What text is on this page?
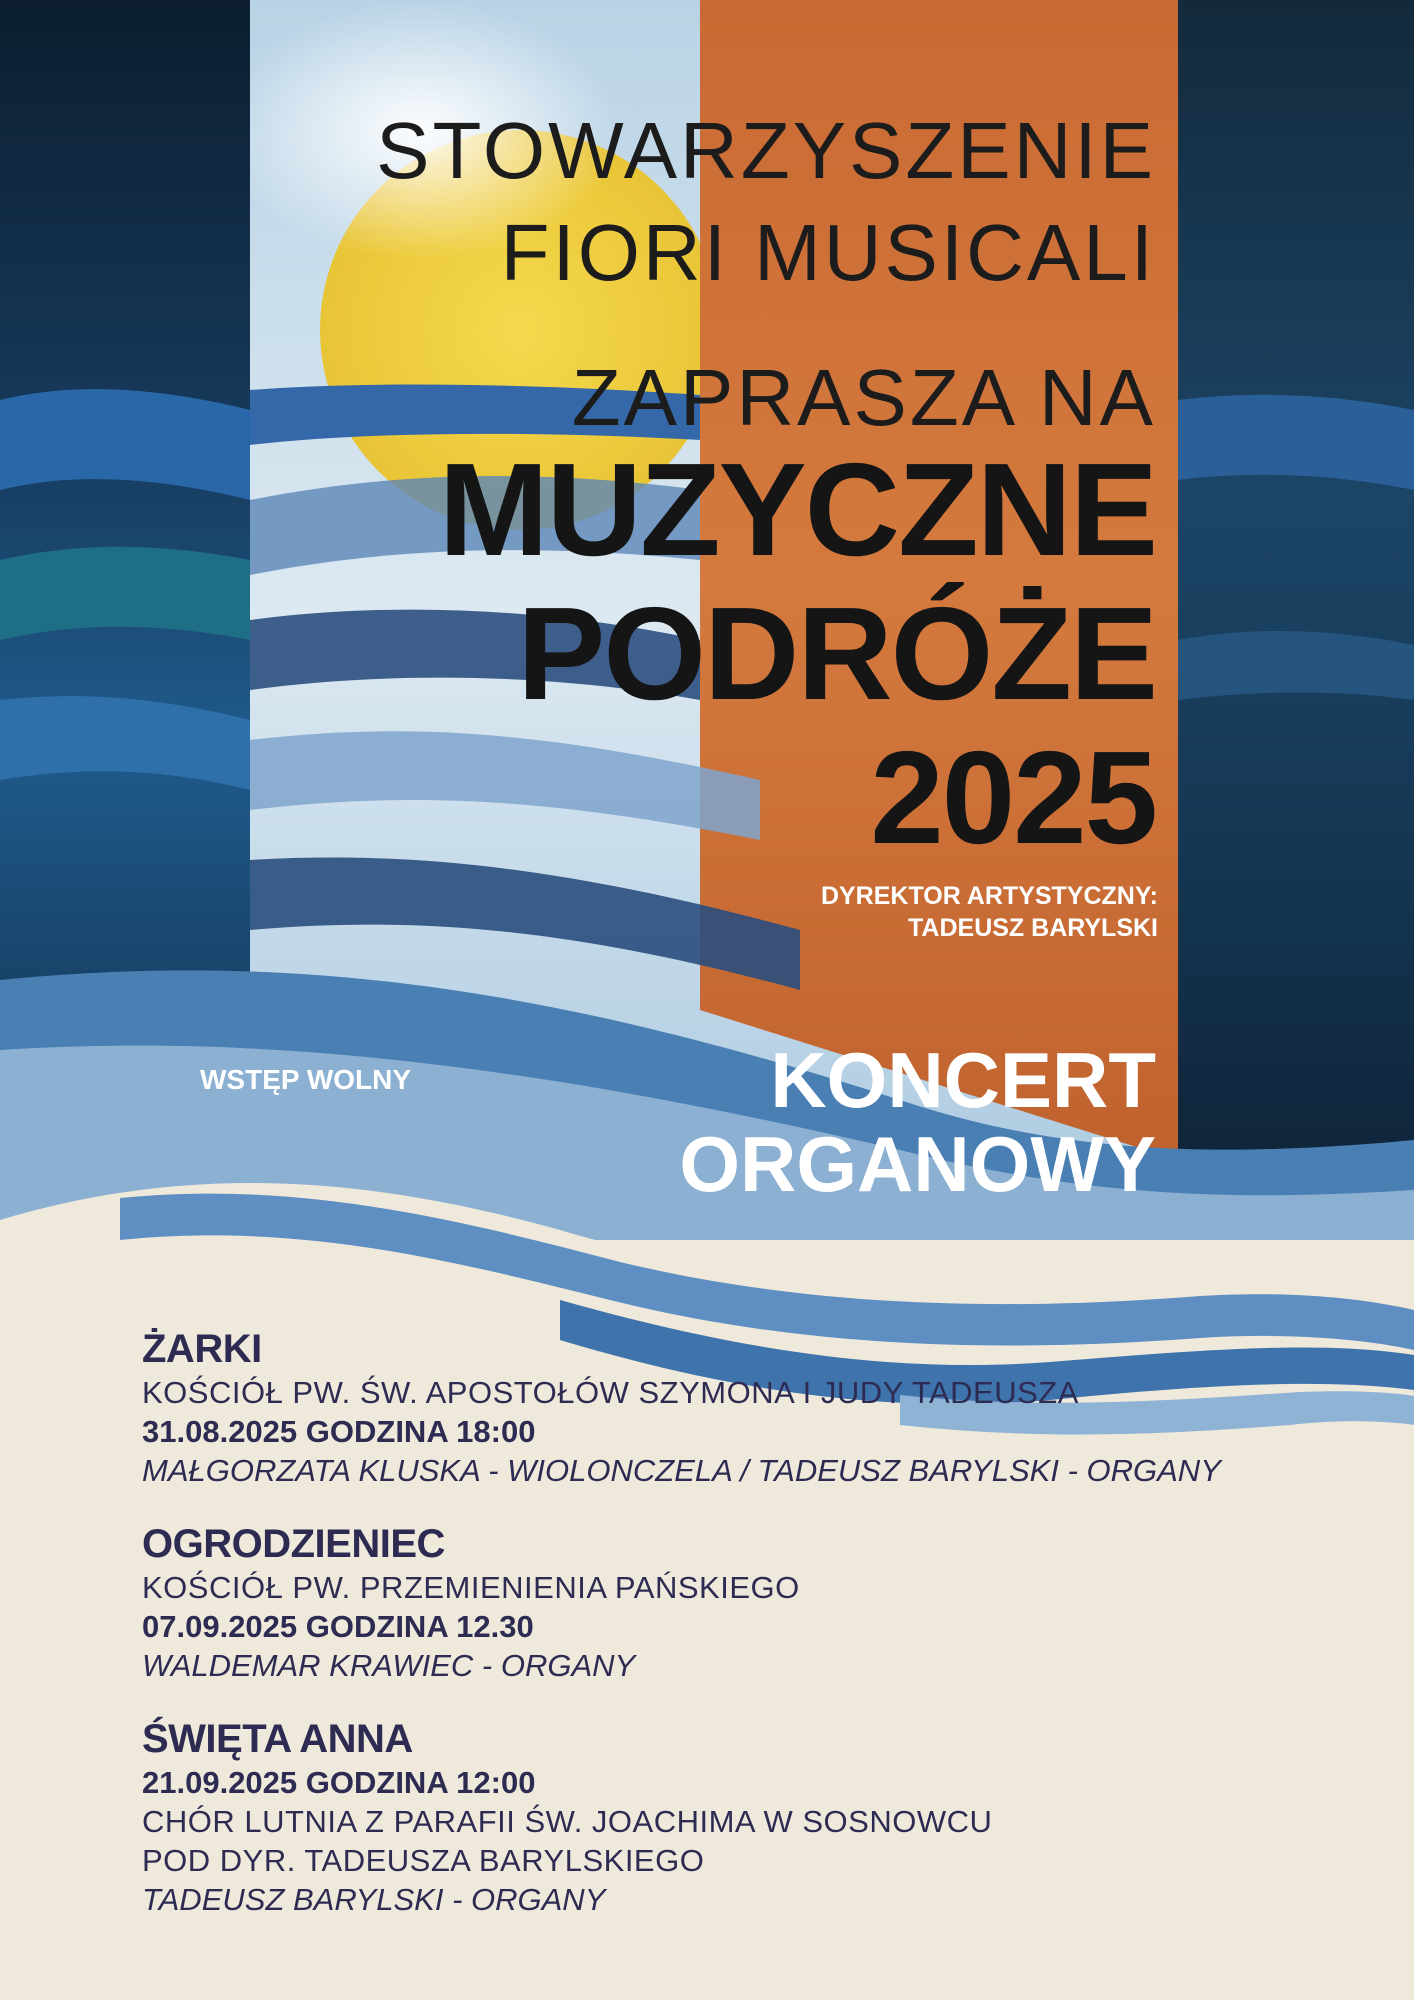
STOWARZYSZENIE

FIORI MUSICALI

ZAPRASZA NA

MUZYCZNE

PODRÓŻE

2025

DYREKTOR ARTYSTYCZNY:

TADEUSZ BARYLSKI

WSTĘP WOLNY	KONCERT

ORGANOWY

ŻARKI
KOŚCIÓŁ PW. ŚW. APOSTOŁÓW SZYMONA I JUDY TADEUSZA
31.08.2025 GODZINA 18:00
MAŁGORZATA KLUSKA - WIOLONCZELA / TADEUSZ BARYLSKI - ORGANY
OGRODZIENIEC
KOŚCIÓŁ PW. PRZEMIENIENIA PAŃSKIEGO
07.09.2025 GODZINA 12.30
WALDEMAR KRAWIEC - ORGANY
ŚWIĘTA ANNA
21.09.2025 GODZINA 12:00
CHÓR LUTNIA Z PARAFII ŚW. JOACHIMA W SOSNOWCU
POD DYR. TADEUSZA BARYLSKIEGO
TADEUSZ BARYLSKI - ORGANY
